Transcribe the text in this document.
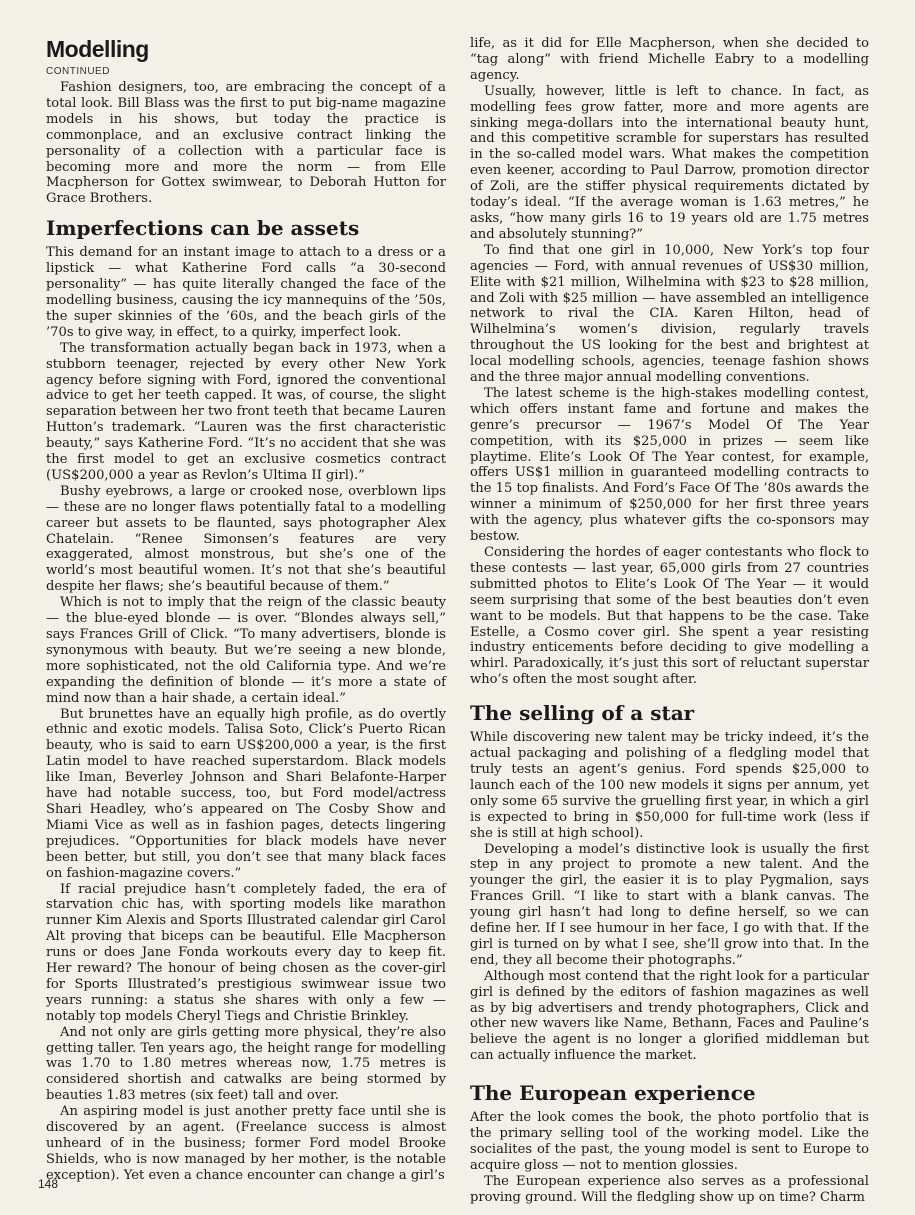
Modelling
CONTINUED

Fashion designers, too, are embracing the concept of a total look. Bill Blass was the first to put big-name magazine models in his shows, but today the practice is commonplace, and an exclusive contract linking the personality of a collection with a particular face is becoming more and more the norm — from Elle Macpherson for Gottex swimwear, to Deborah Hutton for Grace Brothers.

Imperfections can be assets

This demand for an instant image to attach to a dress or a lipstick — what Katherine Ford calls “a 30-second personality” — has quite literally changed the face of the modelling business, causing the icy mannequins of the ’50s, the super skinnies of the ’60s, and the beach girls of the ’70s to give way, in effect, to a quirky, imperfect look.

The transformation actually began back in 1973, when a stubborn teenager, rejected by every other New York agency before signing with Ford, ignored the conventional advice to get her teeth capped. It was, of course, the slight separation between her two front teeth that became Lauren Hutton’s trademark. “Lauren was the first characteristic beauty,” says Katherine Ford. “It’s no accident that she was the first model to get an exclusive cosmetics contract (US$200,000 a year as Revlon’s Ultima II girl).”

Bushy eyebrows, a large or crooked nose, overblown lips — these are no longer flaws potentially fatal to a modelling career but assets to be flaunted, says photographer Alex Chatelain. “Renee Simonsen’s features are very exaggerated, almost monstrous, but she’s one of the world’s most beautiful women. It’s not that she’s beautiful despite her flaws; she’s beautiful because of them.”

Which is not to imply that the reign of the classic beauty — the blue-eyed blonde — is over. “Blondes always sell,” says Frances Grill of Click. “To many advertisers, blonde is synonymous with beauty. But we’re seeing a new blonde, more sophisticated, not the old California type. And we’re expanding the definition of blonde — it’s more a state of mind now than a hair shade, a certain ideal.”

But brunettes have an equally high profile, as do overtly ethnic and exotic models. Talisa Soto, Click’s Puerto Rican beauty, who is said to earn US$200,000 a year, is the first Latin model to have reached superstardom. Black models like Iman, Beverley Johnson and Shari Belafonte-Harper have had notable success, too, but Ford model/actress Shari Headley, who’s appeared on The Cosby Show and Miami Vice as well as in fashion pages, detects lingering prejudices. “Opportunities for black models have never been better, but still, you don’t see that many black faces on fashion-magazine covers.”

If racial prejudice hasn’t completely faded, the era of starvation chic has, with sporting models like marathon runner Kim Alexis and Sports Illustrated calendar girl Carol Alt proving that biceps can be beautiful. Elle Macpherson runs or does Jane Fonda workouts every day to keep fit. Her reward? The honour of being chosen as the cover-girl for Sports Illustrated’s prestigious swimwear issue two years running: a status she shares with only a few — notably top models Cheryl Tiegs and Christie Brinkley.

And not only are girls getting more physical, they’re also getting taller. Ten years ago, the height range for modelling was 1.70 to 1.80 metres whereas now, 1.75 metres is considered shortish and catwalks are being stormed by beauties 1.83 metres (six feet) tall and over.

An aspiring model is just another pretty face until she is discovered by an agent. (Freelance success is almost unheard of in the business; former Ford model Brooke Shields, who is now managed by her mother, is the notable exception). Yet even a chance encounter can change a girl’s

life, as it did for Elle Macpherson, when she decided to “tag along” with friend Michelle Eabry to a modelling agency.

Usually, however, little is left to chance. In fact, as modelling fees grow fatter, more and more agents are sinking mega-dollars into the international beauty hunt, and this competitive scramble for superstars has resulted in the so-called model wars. What makes the competition even keener, according to Paul Darrow, promotion director of Zoli, are the stiffer physical requirements dictated by today’s ideal. “If the average woman is 1.63 metres,” he asks, “how many girls 16 to 19 years old are 1.75 metres and absolutely stunning?”

To find that one girl in 10,000, New York’s top four agencies — Ford, with annual revenues of US$30 million, Elite with $21 million, Wilhelmina with $23 to $28 million, and Zoli with $25 million — have assembled an intelligence network to rival the CIA. Karen Hilton, head of Wilhelmina’s women’s division, regularly travels throughout the US looking for the best and brightest at local modelling schools, agencies, teenage fashion shows and the three major annual modelling conventions.

The latest scheme is the high-stakes modelling contest, which offers instant fame and fortune and makes the genre’s precursor — 1967’s Model Of The Year competition, with its $25,000 in prizes — seem like playtime. Elite’s Look Of The Year contest, for example, offers US$1 million in guaranteed modelling contracts to the 15 top finalists. And Ford’s Face Of The ’80s awards the winner a minimum of $250,000 for her first three years with the agency, plus whatever gifts the co-sponsors may bestow.

Considering the hordes of eager contestants who flock to these contests — last year, 65,000 girls from 27 countries submitted photos to Elite’s Look Of The Year — it would seem surprising that some of the best beauties don’t even want to be models. But that happens to be the case. Take Estelle, a Cosmo cover girl. She spent a year resisting industry enticements before deciding to give modelling a whirl. Paradoxically, it’s just this sort of reluctant superstar who’s often the most sought after.

The selling of a star

While discovering new talent may be tricky indeed, it’s the actual packaging and polishing of a fledgling model that truly tests an agent’s genius. Ford spends $25,000 to launch each of the 100 new models it signs per annum, yet only some 65 survive the gruelling first year, in which a girl is expected to bring in $50,000 for full-time work (less if she is still at high school).

Developing a model’s distinctive look is usually the first step in any project to promote a new talent. And the younger the girl, the easier it is to play Pygmalion, says Frances Grill. “I like to start with a blank canvas. The young girl hasn’t had long to define herself, so we can define her. If I see humour in her face, I go with that. If the girl is turned on by what I see, she’ll grow into that. In the end, they all become their photographs.”

Although most contend that the right look for a particular girl is defined by the editors of fashion magazines as well as by big advertisers and trendy photographers, Click and other new wavers like Name, Bethann, Faces and Pauline’s believe the agent is no longer a glorified middleman but can actually influence the market.

The European experience

After the look comes the book, the photo portfolio that is the primary selling tool of the working model. Like the socialites of the past, the young model is sent to Europe to acquire gloss — not to mention glossies.

The European experience also serves as a professional proving ground. Will the fledgling show up on time? Charm

148
